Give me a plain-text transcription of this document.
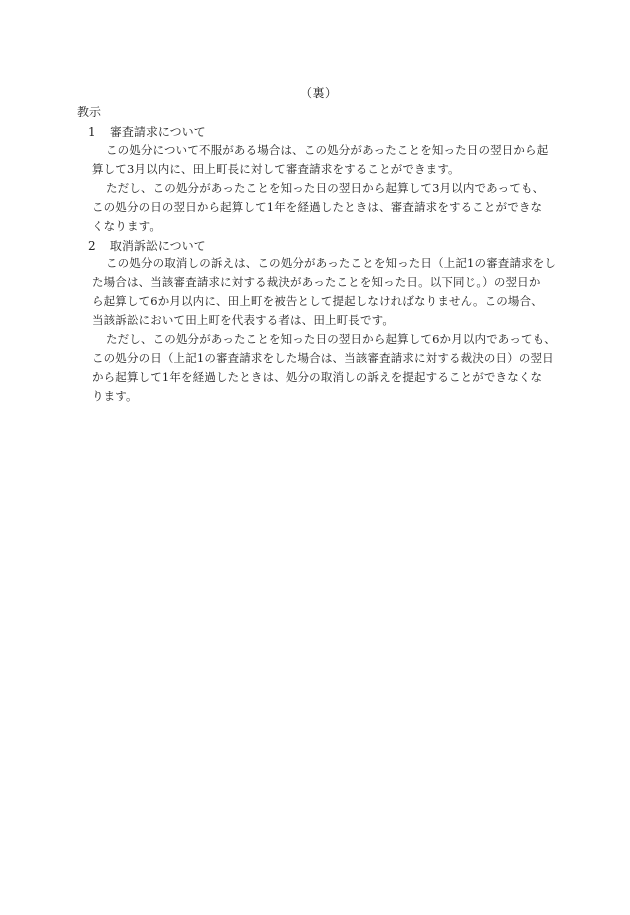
（裏）
教示
1 審査請求について
この処分について不服がある場合は、この処分があったことを知った日の翌日から起
算して3月以内に、田上町長に対して審査請求をすることができます。
ただし、この処分があったことを知った日の翌日から起算して3月以内であっても、
この処分の日の翌日から起算して1年を経過したときは、審査請求をすることができな
くなります。
2 取消訴訟について
この処分の取消しの訴えは、この処分があったことを知った日（上記1の審査請求をし
た場合は、当該審査請求に対する裁決があったことを知った日。以下同じ。）の翌日か
ら起算して6か月以内に、田上町を被告として提起しなければなりません。この場合、
当該訴訟において田上町を代表する者は、田上町長です。
ただし、この処分があったことを知った日の翌日から起算して6か月以内であっても、
この処分の日（上記1の審査請求をした場合は、当該審査請求に対する裁決の日）の翌日
から起算して1年を経過したときは、処分の取消しの訴えを提起することができなくな
ります。
